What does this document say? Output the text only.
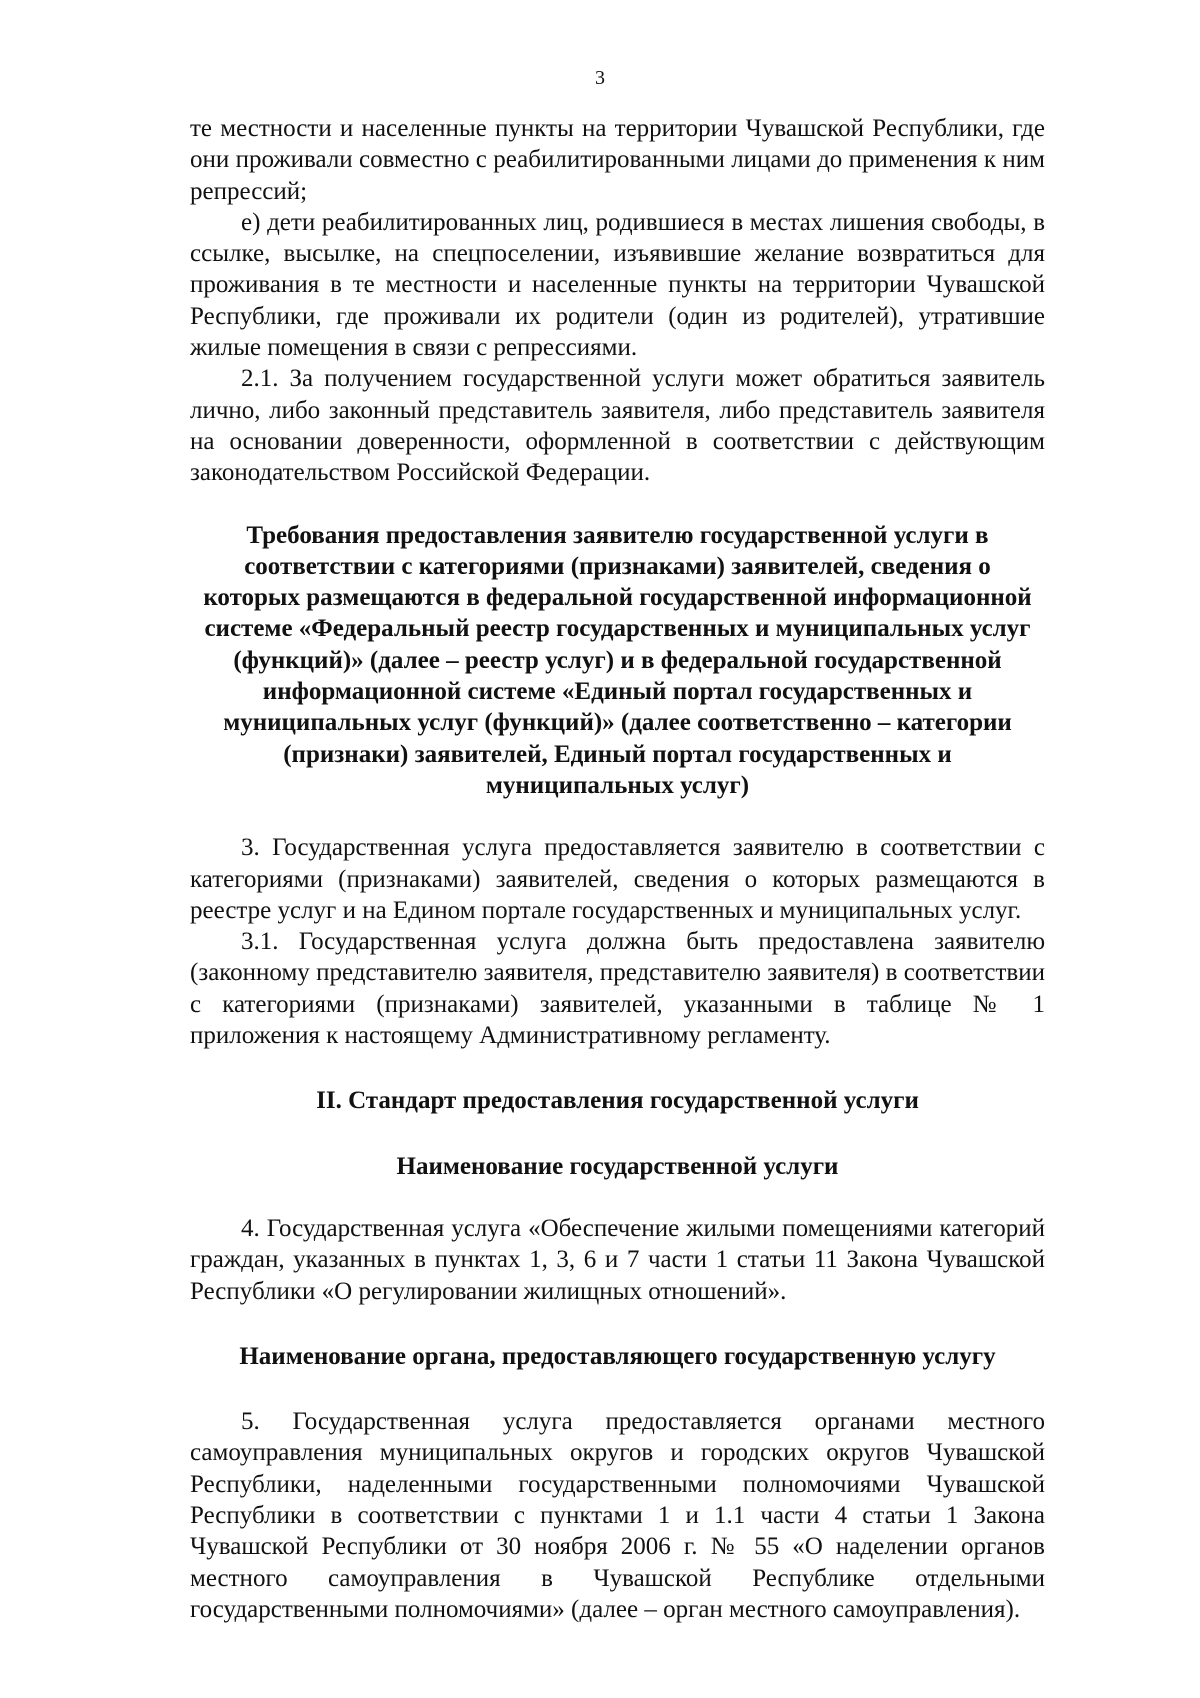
3

те местности и населенные пункты на территории Чувашской Республики, где они проживали совместно с реабилитированными лицами до применения к ним репрессий;

е) дети реабилитированных лиц, родившиеся в местах лишения свободы, в ссылке, высылке, на спецпоселении, изъявившие желание возвратиться для проживания в те местности и населенные пункты на территории Чувашской Республики, где проживали их родители (один из родителей), утратившие жилые помещения в связи с репрессиями.

2.1. За получением государственной услуги может обратиться заявитель лично, либо законный представитель заявителя, либо представитель заявителя на основании доверенности, оформленной в соответствии с действующим законодательством Российской Федерации.

Требования предоставления заявителю государственной услуги в соответствии с категориями (признаками) заявителей, сведения о которых размещаются в федеральной государственной информационной системе «Федеральный реестр государственных и муниципальных услуг (функций)» (далее – реестр услуг) и в федеральной государственной информационной системе «Единый портал государственных и муниципальных услуг (функций)» (далее соответственно – категории (признаки) заявителей, Единый портал государственных и муниципальных услуг)

3. Государственная услуга предоставляется заявителю в соответствии с категориями (признаками) заявителей, сведения о которых размещаются в реестре услуг и на Едином портале государственных и муниципальных услуг.

3.1. Государственная услуга должна быть предоставлена заявителю (законному представителю заявителя, представителю заявителя) в соответствии с категориями (признаками) заявителей, указанными в таблице № 1 приложения к настоящему Административному регламенту.

II. Стандарт предоставления государственной услуги

Наименование государственной услуги

4. Государственная услуга «Обеспечение жилыми помещениями категорий граждан, указанных в пунктах 1, 3, 6 и 7 части 1 статьи 11 Закона Чувашской Республики «О регулировании жилищных отношений».

Наименование органа, предоставляющего государственную услугу

5. Государственная услуга предоставляется органами местного самоуправления муниципальных округов и городских округов Чувашской Республики, наделенными государственными полномочиями Чувашской Республики в соответствии с пунктами 1 и 1.1 части 4 статьи 1 Закона Чувашской Республики от 30 ноября 2006 г. № 55 «О наделении органов местного самоуправления в Чувашской Республике отдельными государственными полномочиями» (далее – орган местного самоуправления).
